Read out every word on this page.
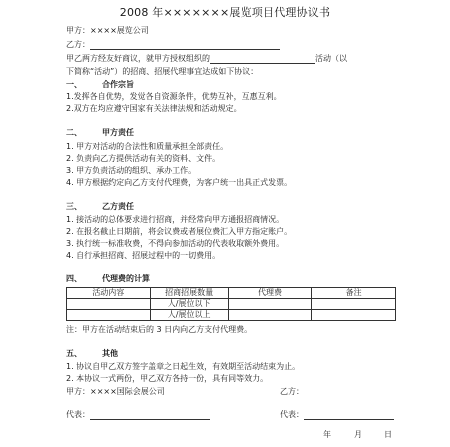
2008 年×××××××展览项目代理协议书
甲方：××××展览公司
乙方：
甲乙两方经友好商议，就甲方授权组织的	活动（以
下简称“活动”）的招商、招展代理事宜达成如下协议：
一、	合作宗旨
1.发挥各自优势，发觉各自资源条件，优势互补，互惠互利。
2.双方在均应遵守国家有关法律法规和活动规定。
二、	甲方责任
1. 甲方对活动的合法性和质量承担全部责任。
2. 负责向乙方提供活动有关的资料、文件。
3. 甲方负责活动的组织、承办工作。
4. 甲方根据约定向乙方支付代理费，为客户统一出具正式发票。
三、	乙方责任
1. 接活动的总体要求进行招商，并经常向甲方通报招商情况。
2. 在报名截止日期前，将会议费或者展位费汇入甲方指定账户。
3. 执行统一标准收费，不得向参加活动的代表收取额外费用。
4. 自行承担招商、招展过程中的一切费用。
四、	代理费的计算
活动内容	招商招展数量	代理费	备注
	人/展位以下		
	人/展位以上		
注：甲方在活动结束后的 3 日内向乙方支付代理费。
五、	其他
1. 协议自甲乙双方签字盖章之日起生效，有效期至活动结束为止。
2. 本协议一式两份，甲乙双方各持一份，具有同等效力。
甲方：××××国际会展公司	乙方：
代表：	代表：
年	月	日
